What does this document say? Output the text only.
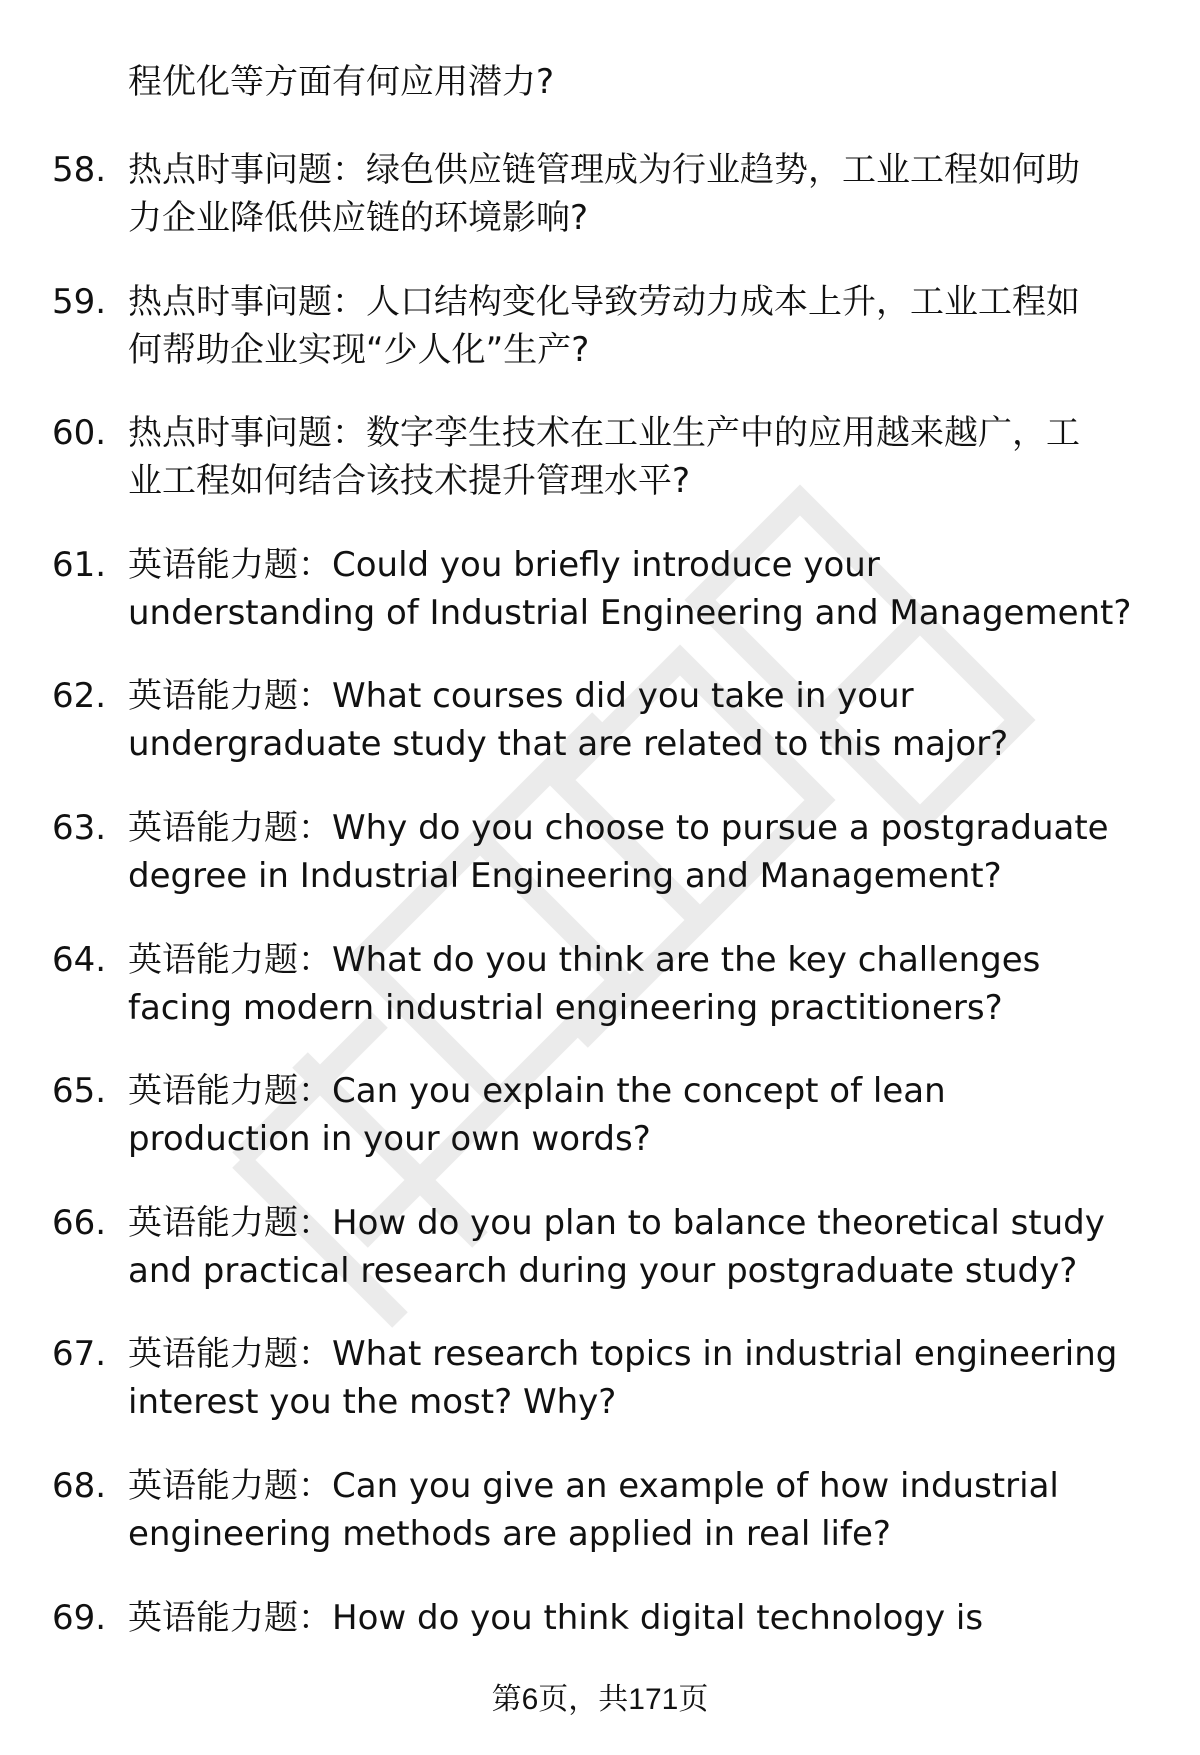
程优化等方面有何应用潜力?
58. 热点时事问题：绿色供应链管理成为行业趋势，工业工程如何助
力企业降低供应链的环境影响?
59. 热点时事问题：人口结构变化导致劳动力成本上升，工业工程如
何帮助企业实现“少人化”生产?
60. 热点时事问题：数字孪生技术在工业生产中的应用越来越广，工
业工程如何结合该技术提升管理水平?
61. 英语能力题：Could you briefly introduce your
understanding of Industrial Engineering and Management?
62. 英语能力题：What courses did you take in your
undergraduate study that are related to this major?
63. 英语能力题：Why do you choose to pursue a postgraduate
degree in Industrial Engineering and Management?
64. 英语能力题：What do you think are the key challenges
facing modern industrial engineering practitioners?
65. 英语能力题：Can you explain the concept of lean
production in your own words?
66. 英语能力题：How do you plan to balance theoretical study
and practical research during your postgraduate study?
67. 英语能力题：What research topics in industrial engineering
interest you the most? Why?
68. 英语能力题：Can you give an example of how industrial
engineering methods are applied in real life?
69. 英语能力题：How do you think digital technology is
第6页，共171页
